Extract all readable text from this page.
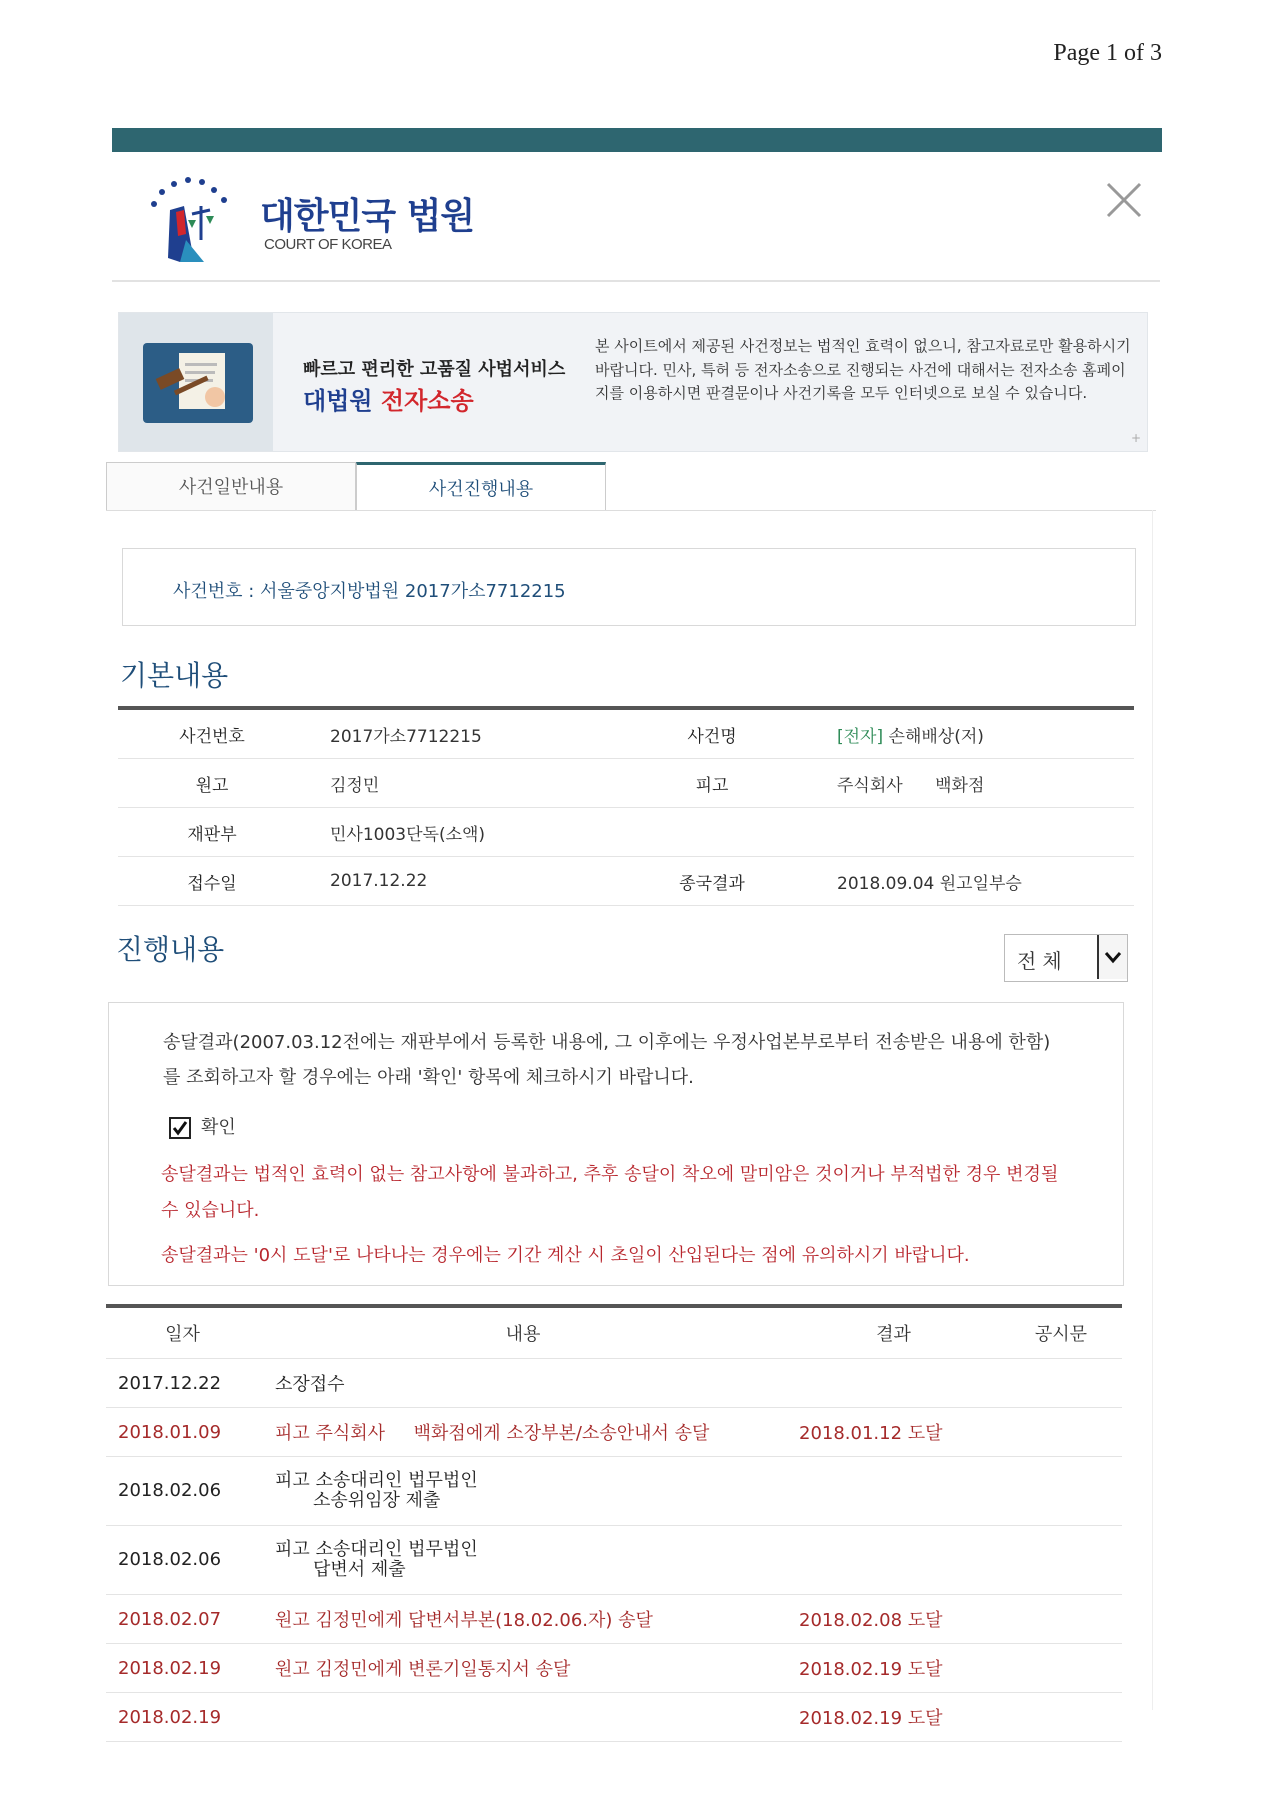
Page 1 of 3
대한민국 법원
COURT OF KOREA
빠르고 편리한 고품질 사법서비스
대법원 전자소송
본 사이트에서 제공된 사건정보는 법적인 효력이 없으니, 참고자료로만 활용하시기 바랍니다. 민사, 특허 등 전자소송으로 진행되는 사건에 대해서는 전자소송 홈페이지를 이용하시면 판결문이나 사건기록을 모두 인터넷으로 보실 수 있습니다.
+
사건일반내용	사건진행내용
사건번호 : 서울중앙지방법원 2017가소7712215
기본내용
사건번호	2017가소7712215	사건명	[전자] 손해배상(저)
원고	김정민	피고	주식회사      백화점
재판부	민사1003단독(소액)		
접수일	2017.12.22	종국결과	2018.09.04 원고일부승
진행내용	전체
송달결과(2007.03.12전에는 재판부에서 등록한 내용에, 그 이후에는 우정사업본부로부터 전송받은 내용에 한함) 를 조회하고자 할 경우에는 아래 '확인' 항목에 체크하시기 바랍니다.
확인
송달결과는 법적인 효력이 없는 참고사항에 불과하고, 추후 송달이 착오에 말미암은 것이거나 부적법한 경우 변경될 수 있습니다.
송달결과는 '0시 도달'로 나타나는 경우에는 기간 계산 시 초일이 산입된다는 점에 유의하시기 바랍니다.
일자	내용	결과	공시문
2017.12.22	소장접수		
2018.01.09	피고 주식회사     백화점에게 소장부본/소송안내서 송달	2018.01.12 도달	
2018.02.06	피고 소송대리인 법무법인
소송위임장 제출		

2018.02.06	피고 소송대리인 법무법인
답변서 제출		

2018.02.07	원고 김정민에게 답변서부본(18.02.06.자) 송달	2018.02.08 도달	
2018.02.19	원고 김정민에게 변론기일통지서 송달	2018.02.19 도달	
2018.02.19		2018.02.19 도달	
